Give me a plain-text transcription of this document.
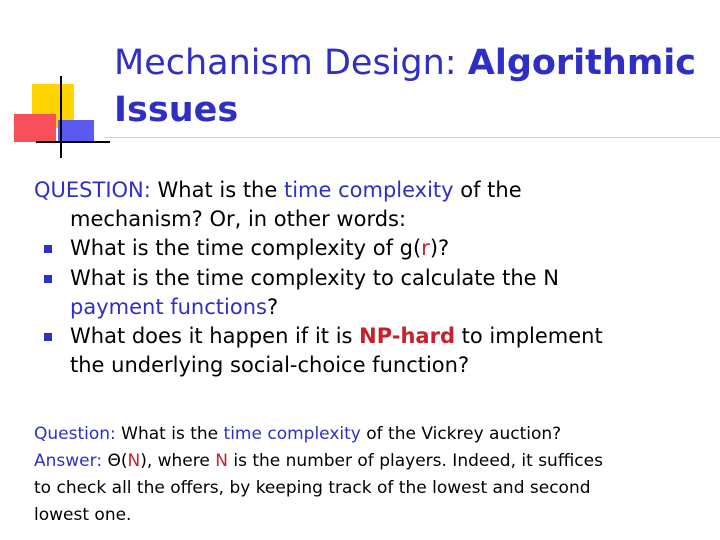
Mechanism Design: Algorithmic
Issues
QUESTION: What is the time complexity of the
mechanism? Or, in other words:
What is the time complexity of g(r)?
What is the time complexity to calculate the N
payment functions?
What does it happen if it is NP-hard to implement
the underlying social-choice function?
Question: What is the time complexity of the Vickrey auction?
Answer: Θ(N), where N is the number of players. Indeed, it suffices
to check all the offers, by keeping track of the lowest and second
lowest one.
